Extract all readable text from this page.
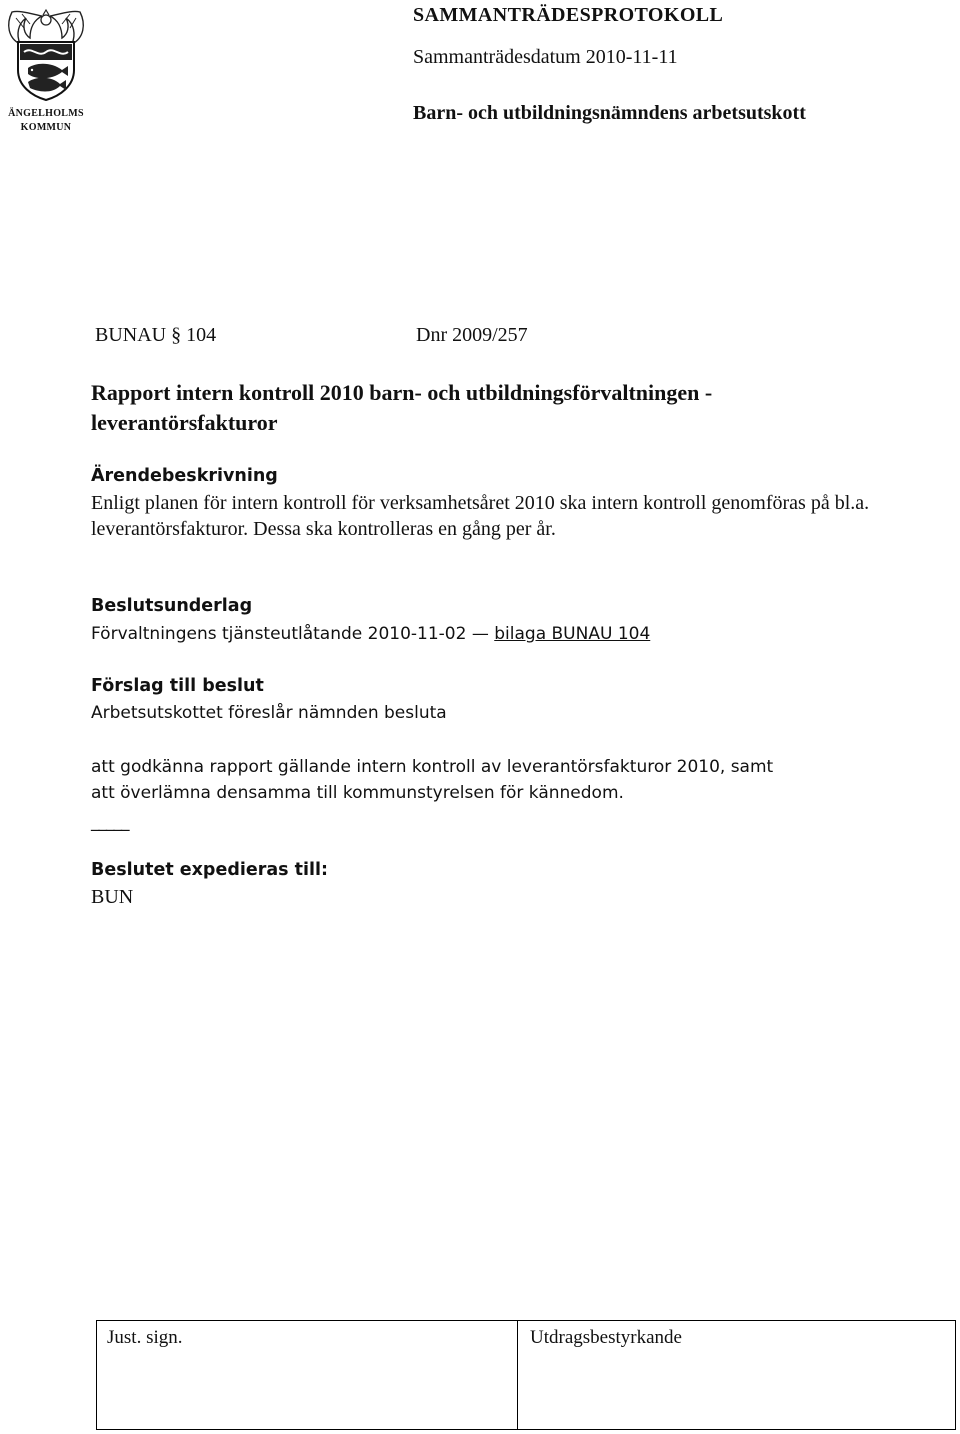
ÄNGELHOLMS
KOMMUN
SAMMANTRÄDESPROTOKOLL
Sammanträdesdatum 2010-11-11
Barn- och utbildningsnämndens arbetsutskott
BUNAU § 104	Dnr 2009/257
Rapport intern kontroll 2010 barn- och utbildningsförvaltningen - leverantörsfakturor
Ärendebeskrivning
Enligt planen för intern kontroll för verksamhetsåret 2010 ska intern kontroll genomföras på bl.a. leverantörsfakturor. Dessa ska kontrolleras en gång per år.
Beslutsunderlag
Förvaltningens tjänsteutlåtande 2010-11-02 — bilaga BUNAU 104
Förslag till beslut
Arbetsutskottet föreslår nämnden besluta
att godkänna rapport gällande intern kontroll av leverantörsfakturor 2010, samt
att överlämna densamma till kommunstyrelsen för kännedom.
_____
Beslutet expedieras till:
BUN
Just. sign.	Utdragsbestyrkande
